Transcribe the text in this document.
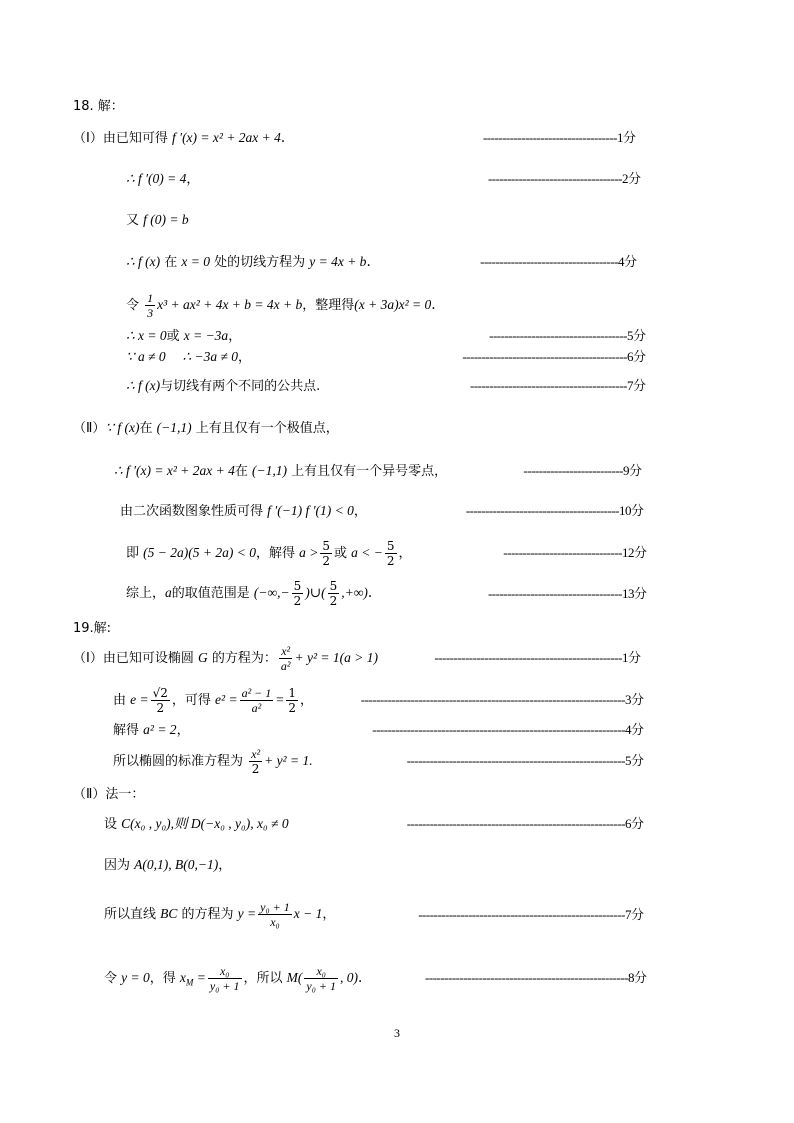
18. 解：
（Ⅰ）由已知可得 f ′(x) = x² + 2ax + 4.	-----------------------------------1分
∴ f ′(0) = 4，	-----------------------------------2分
又 f (0) = b
∴ f (x) 在 x = 0 处的切线方程为 y = 4x + b.	------------------------------------4分
令 $\frac{1}{3} x^3 + ax^2 + 4x + b = 4x + b$，整理得(x + 3a)x² = 0.
∴ x = 0或 x = −3a，	------------------------------------5分
∵ a ≠ 0     ∴ −3a ≠ 0，	-------------------------------------------6分
∴ f (x)与切线有两个不同的公共点.	-----------------------------------------7分
（Ⅱ）∵ f (x)在 (−1,1) 上有且仅有一个极值点，
∴ f ′(x) = x² + 2ax + 4在 (−1,1) 上有且仅有一个异号零点，	--------------------------9分
由二次函数图象性质可得 f ′(−1) f ′(1) < 0，	----------------------------------------10分
即 (5 − 2a)(5 + 2a) < 0，解得 $a > \frac{5}{2}$ 或 a < − $\frac{5}{2}$ ，	-------------------------------12分
综上，a的取值范围是 (−∞,− $\frac{5}{2}$ )∪( $\frac{5}{2}$ ,+∞).	-----------------------------------13分
19.解:
（Ⅰ）由已知可设椭圆 G 的方程为： $\frac{\text{x²}}{\text{a²}} + y^2 = 1(a > 1)$	-------------------------------------------------1分
由 $e = \frac{√2}{2}$ ，可得 $e^2 = \frac{\text{a² − 1}}{\text{a²}} = \frac{1}{2}$ ，	---------------------------------------------------------------------3分
解得 a² = 2，	------------------------------------------------------------------4分
所以椭圆的标准方程为 $\frac{\text{x²}}{2} + y^2 = 1$.	---------------------------------------------------------5分
（Ⅱ）法一：
设 C(x₀ , y₀),则 D(−x₀ , y₀), x₀ ≠ 0	---------------------------------------------------------6分
因为 A(0,1), B(0,−1)，
所以直线 BC 的方程为 $y = \frac{\text{y₀ + 1}}{\text{x₀}}$ x − 1，	------------------------------------------------------7分
令 y = 0，得 $x_M = \frac{\text{x₀}}{\text{y₀ + 1}}$ ，所以 $M( \frac{\text{x₀}}{\text{y₀ + 1}}$ , 0).	-----------------------------------------------------8分
3
